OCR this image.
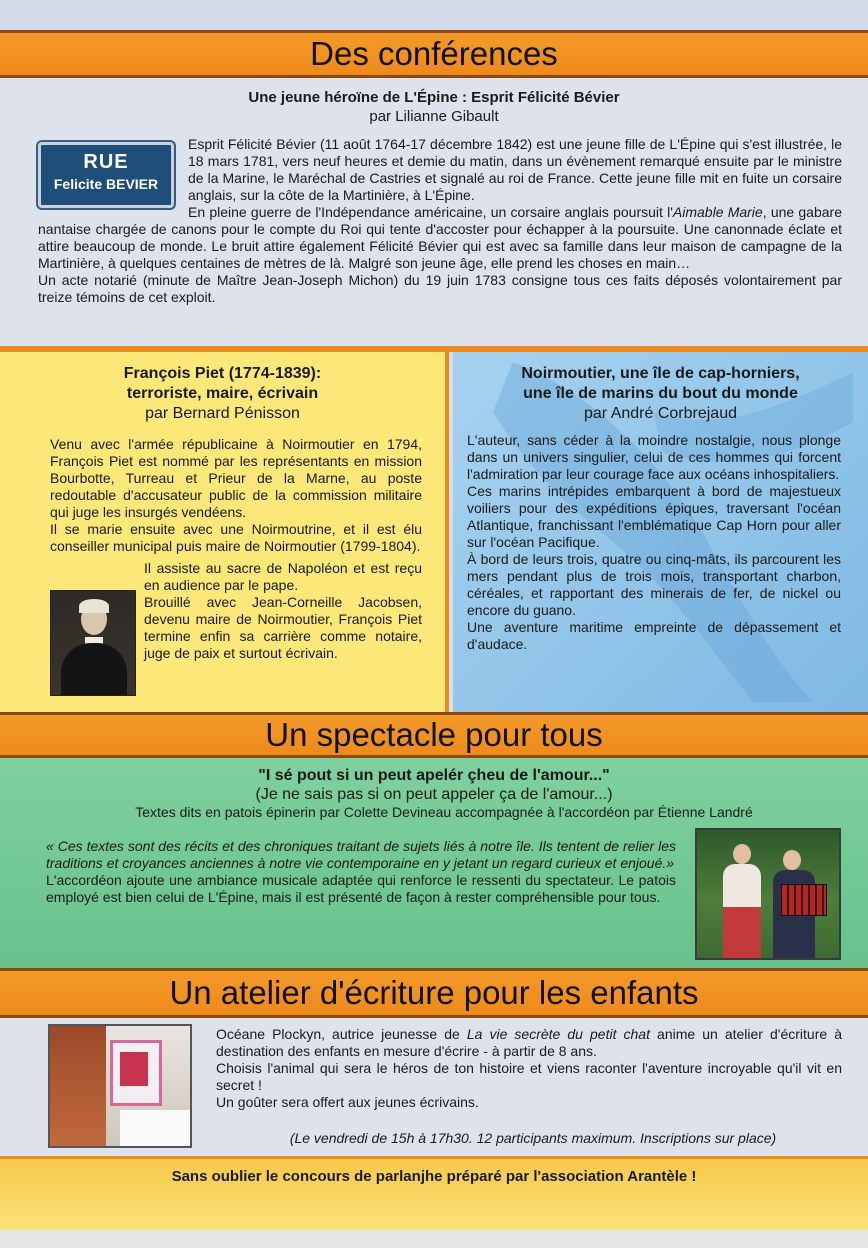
Des conférences
Une jeune héroïne de L'Épine : Esprit Félicité Bévier
par Lilianne Gibault
RUE
Felicite BEVIER

Esprit Félicité Bévier (11 août 1764-17 décembre 1842) est une jeune fille de L'Épine qui s'est illustrée, le 18 mars 1781, vers neuf heures et demie du matin, dans un évènement remarqué ensuite par le ministre de la Marine, le Maréchal de Castries et signalé au roi de France. Cette jeune fille mit en fuite un corsaire anglais, sur la côte de la Martinière, à L'Épine.

En pleine guerre de l'Indépendance américaine, un corsaire anglais poursuit l'Aimable Marie, une gabare nantaise chargée de canons pour le compte du Roi qui tente d'accoster pour échapper à la poursuite. Une canonnade éclate et attire beaucoup de monde. Le bruit attire également Félicité Bévier qui est avec sa famille dans leur maison de campagne de la Martinière, à quelques centaines de mètres de là. Malgré son jeune âge, elle prend les choses en main…

Un acte notarié (minute de Maître Jean-Joseph Michon) du 19 juin 1783 consigne tous ces faits déposés volontairement par treize témoins de cet exploit.

François Piet (1774-1839):
terroriste, maire, écrivain
par Bernard Pénisson

Venu avec l'armée républicaine à Noirmoutier en 1794, François Piet est nommé par les représentants en mission Bourbotte, Turreau et Prieur de la Marne, au poste redoutable d'accusateur public de la commission militaire qui juge les insurgés vendéens.

Il se marie ensuite avec une Noirmoutrine, et il est élu conseiller municipal puis maire de Noirmoutier (1799-1804).

Il assiste au sacre de Napoléon et est reçu en audience par le pape.

Brouillé avec Jean-Corneille Jacobsen, devenu maire de Noirmoutier, François Piet termine enfin sa carrière comme notaire, juge de paix et surtout écrivain.

Noirmoutier, une île de cap-horniers,
une île de marins du bout du monde
par André Corbrejaud

L'auteur, sans céder à la moindre nostalgie, nous plonge dans un univers singulier, celui de ces hommes qui forcent l'admiration par leur courage face aux océans inhospitaliers.

Ces marins intrépides embarquent à bord de majestueux voiliers pour des expéditions épiques, traversant l'océan Atlantique, franchissant l'emblématique Cap Horn pour aller sur l'océan Pacifique.

À bord de leurs trois, quatre ou cinq-mâts, ils parcourent les mers pendant plus de trois mois, transportant charbon, céréales, et rapportant des minerais de fer, de nickel ou encore du guano.

Une aventure maritime empreinte de dépassement et d'audace.

Un spectacle pour tous
"I sé pout si un peut apelér çheu de l'amour..."
(Je ne sais pas si on peut appeler ça de l'amour...)
Textes dits en patois épinerin par Colette Devineau accompagnée à l'accordéon par Étienne Landré

« Ces textes sont des récits et des chroniques traitant de sujets liés à notre île. Ils tentent de relier les traditions et croyances anciennes à notre vie contemporaine en y jetant un regard curieux et enjoué.»

L'accordéon ajoute une ambiance musicale adaptée qui renforce le ressenti du spectateur. Le patois employé est bien celui de L'Épine, mais il est présenté de façon à rester compréhensible pour tous.

Un atelier d'écriture pour les enfants

Océane Plockyn, autrice jeunesse de La vie secrète du petit chat anime un atelier d'écriture à destination des enfants en mesure d'écrire - à partir de 8 ans.

Choisis l'animal qui sera le héros de ton histoire et viens raconter l'aventure incroyable qu'il vit en secret !

Un goûter sera offert aux jeunes écrivains.

(Le vendredi de 15h à 17h30. 12 participants maximum. Inscriptions sur place)
Sans oublier le concours de parlanjhe préparé par l'association Arantèle !
